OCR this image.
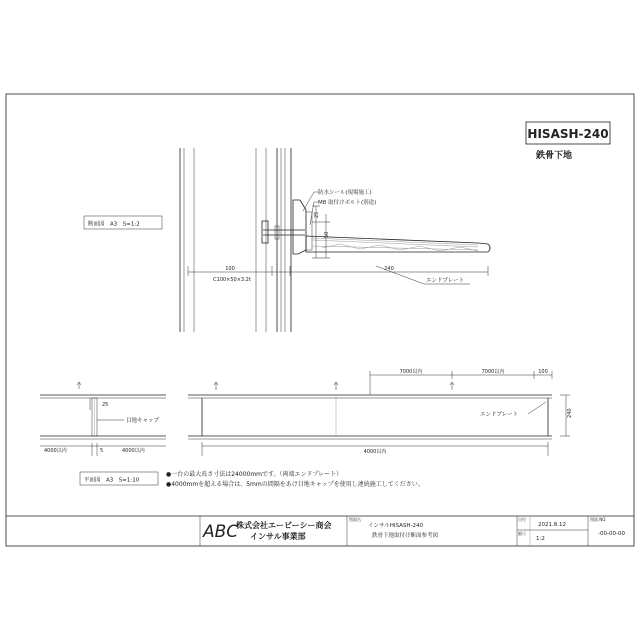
HISASH-240
鉄骨下地
断面図　A3　S=1:2
25
50
防水シール(現場施工)
M8 取付けボルト(別途)
100
C100×50×3.2t
240
エンドプレート
25
目地キャップ
4000以内	5	4000以内
7000以内	7000以内	100
240
エンドプレート
4000以内
平面図　A3　S=1:10
●一台の最大長さ寸法は24000mmです。（両端エンドプレート）
●4000mmを超える場合は、5mmの間隔をあけ目地キャップを使用し連続施工してください。
ABC
株式会社エービーシー商会
インサル事業部
図面名
インサルHISASH-240
鉄骨下地取付け断面参考図
日付
2021.8.12
縮尺
1:2
図面 NO.
-00-00-00
